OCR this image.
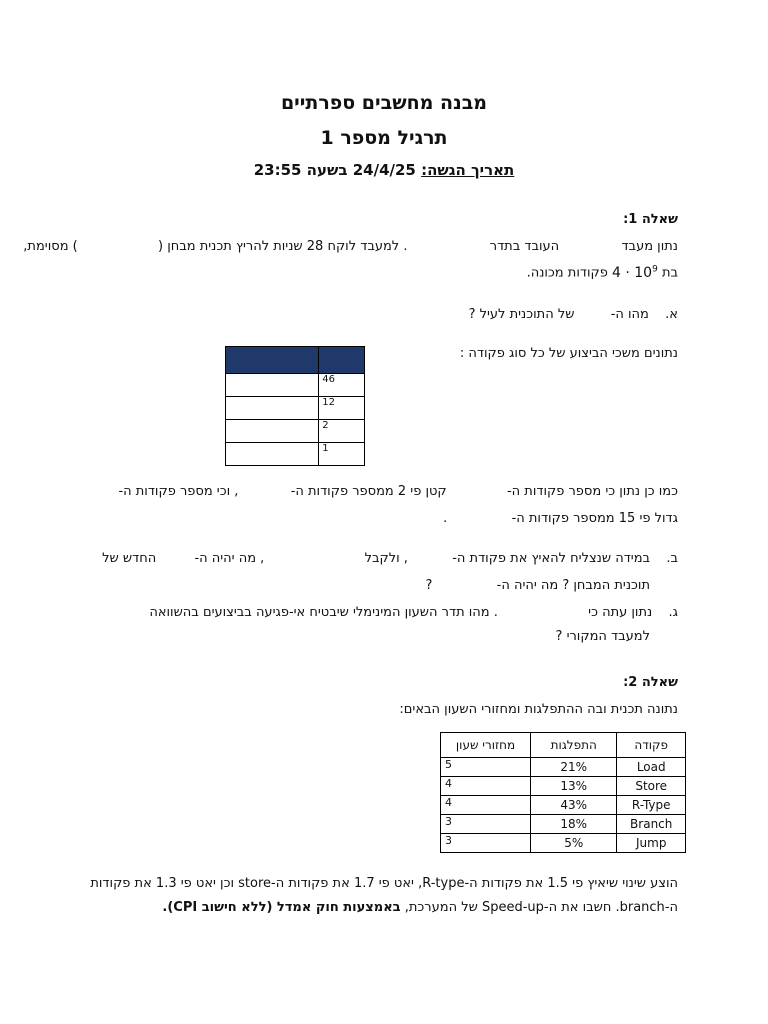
מבנה מחשבים ספרתיים
תרגיל מספר 1
תאריך הגשה: 24/4/25 בשעה 23:55
שאלה 1:
נתון מעבד  העובד בתדר  . למעבד לוקח 28 שניות להריץ תכנית מבחן (  ) מסוימת,
בת $4 \cdot 10^9$ פקודות מכונה.
א.  מהו ה-  של התוכנית לעיל ?
נתונים משכי הביצוע של כל סוג פקודה :

	46
	12
	2
	1
כמו כן נתון כי מספר פקודות ה-  קטן פי 2 ממספר פקודות ה-  , וכי מספר פקודות ה-
גדול פי 15 ממספר פקודות ה-  .
ב.  במידה שנצליח להאיץ את פקודת ה-  , ולקבל  , מה יהיה ה-  החדש של
תוכנית המבחן ? מה יהיה ה-  ?
ג.  נתון עתה כי  . מהו תדר השעון המינימלי שיבטיח אי-פגיעה בביצועים בהשוואה
למעבד המקורי ?
שאלה 2:
נתונה תכנית ובה ההתפלגות ומחזורי השעון הבאים:
פקודה	התפלגות	מחזורי שעון
Load	21%	5
Store	13%	4
R-Type	43%	4
Branch	18%	3
Jump	5%	3
הוצע שינוי שיאיץ פי 1.5 את פקודות ה-R-type, יאט פי 1.7 את פקודות ה-store וכן יאט פי 1.3 את פקודות
ה-branch. חשבו את ה-Speed-up של המערכת, באמצעות חוק אמדל (ללא חישוב CPI).
